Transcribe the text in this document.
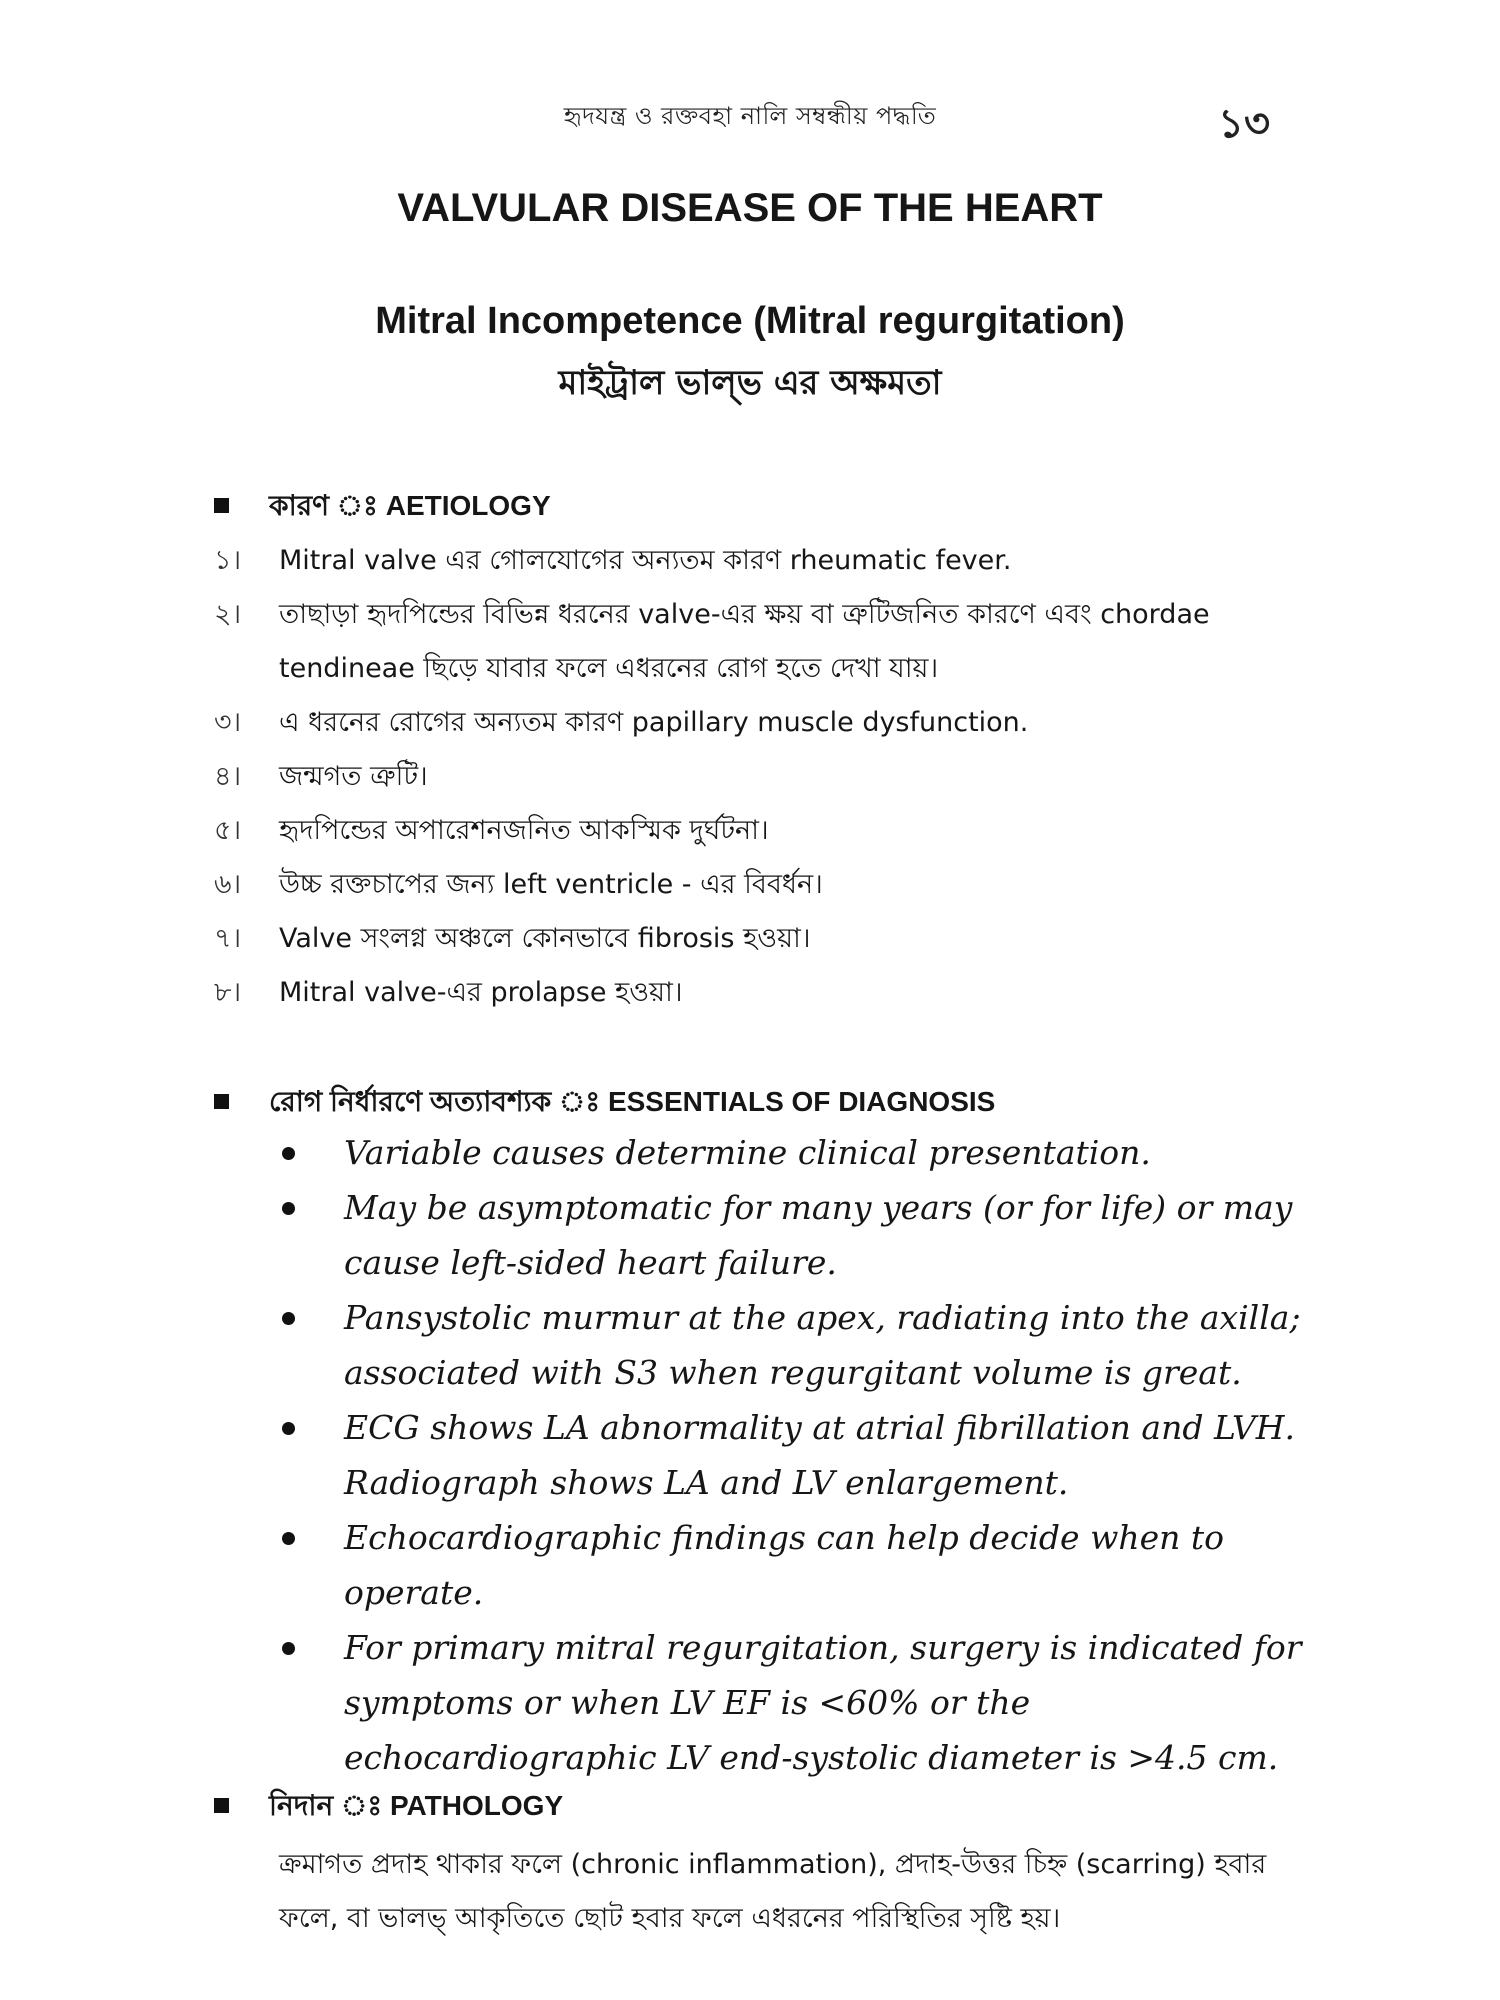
হৃদযন্ত্র ও রক্তবহা নালি সম্বন্ধীয় পদ্ধতি	১৩
VALVULAR DISEASE OF THE HEART
Mitral Incompetence (Mitral regurgitation)
মাইট্রাল ভাল্‌ভ এর অক্ষমতা
কারণ ঃ AETIOLOGY
১। Mitral valve এর গোলযোগের অন্যতম কারণ rheumatic fever.
২। তাছাড়া হৃদপিন্ডের বিভিন্ন ধরনের valve-এর ক্ষয় বা ত্রুটিজনিত কারণে এবং chordae tendineae ছিড়ে যাবার ফলে এধরনের রোগ হতে দেখা যায়।
৩। এ ধরনের রোগের অন্যতম কারণ papillary muscle dysfunction.
৪। জন্মগত ত্রুটি।
৫। হৃদপিন্ডের অপারেশনজনিত আকস্মিক দুর্ঘটনা।
৬। উচ্চ রক্তচাপের জন্য left ventricle - এর বিবর্ধন।
৭। Valve সংলগ্ন অঞ্চলে কোনভাবে fibrosis হওয়া।
৮। Mitral valve-এর prolapse হওয়া।
রোগ নির্ধারণে অত্যাবশ্যক ঃ ESSENTIALS OF DIAGNOSIS
Variable causes determine clinical presentation.
May be asymptomatic for many years (or for life) or may cause left-sided heart failure.
Pansystolic murmur at the apex, radiating into the axilla; associated with S3 when regurgitant volume is great.
ECG shows LA abnormality at atrial fibrillation and LVH. Radiograph shows LA and LV enlargement.
Echocardiographic findings can help decide when to operate.
For primary mitral regurgitation, surgery is indicated for symptoms or when LV EF is <60% or the echocardiographic LV end-systolic diameter is >4.5 cm.
নিদান ঃ PATHOLOGY
ক্রমাগত প্রদাহ থাকার ফলে (chronic inflammation), প্রদাহ-উত্তর চিহ্ন (scarring) হবার ফলে, বা ভালভ্ আকৃতিতে ছোট হবার ফলে এধরনের পরিস্থিতির সৃষ্টি হয়।
